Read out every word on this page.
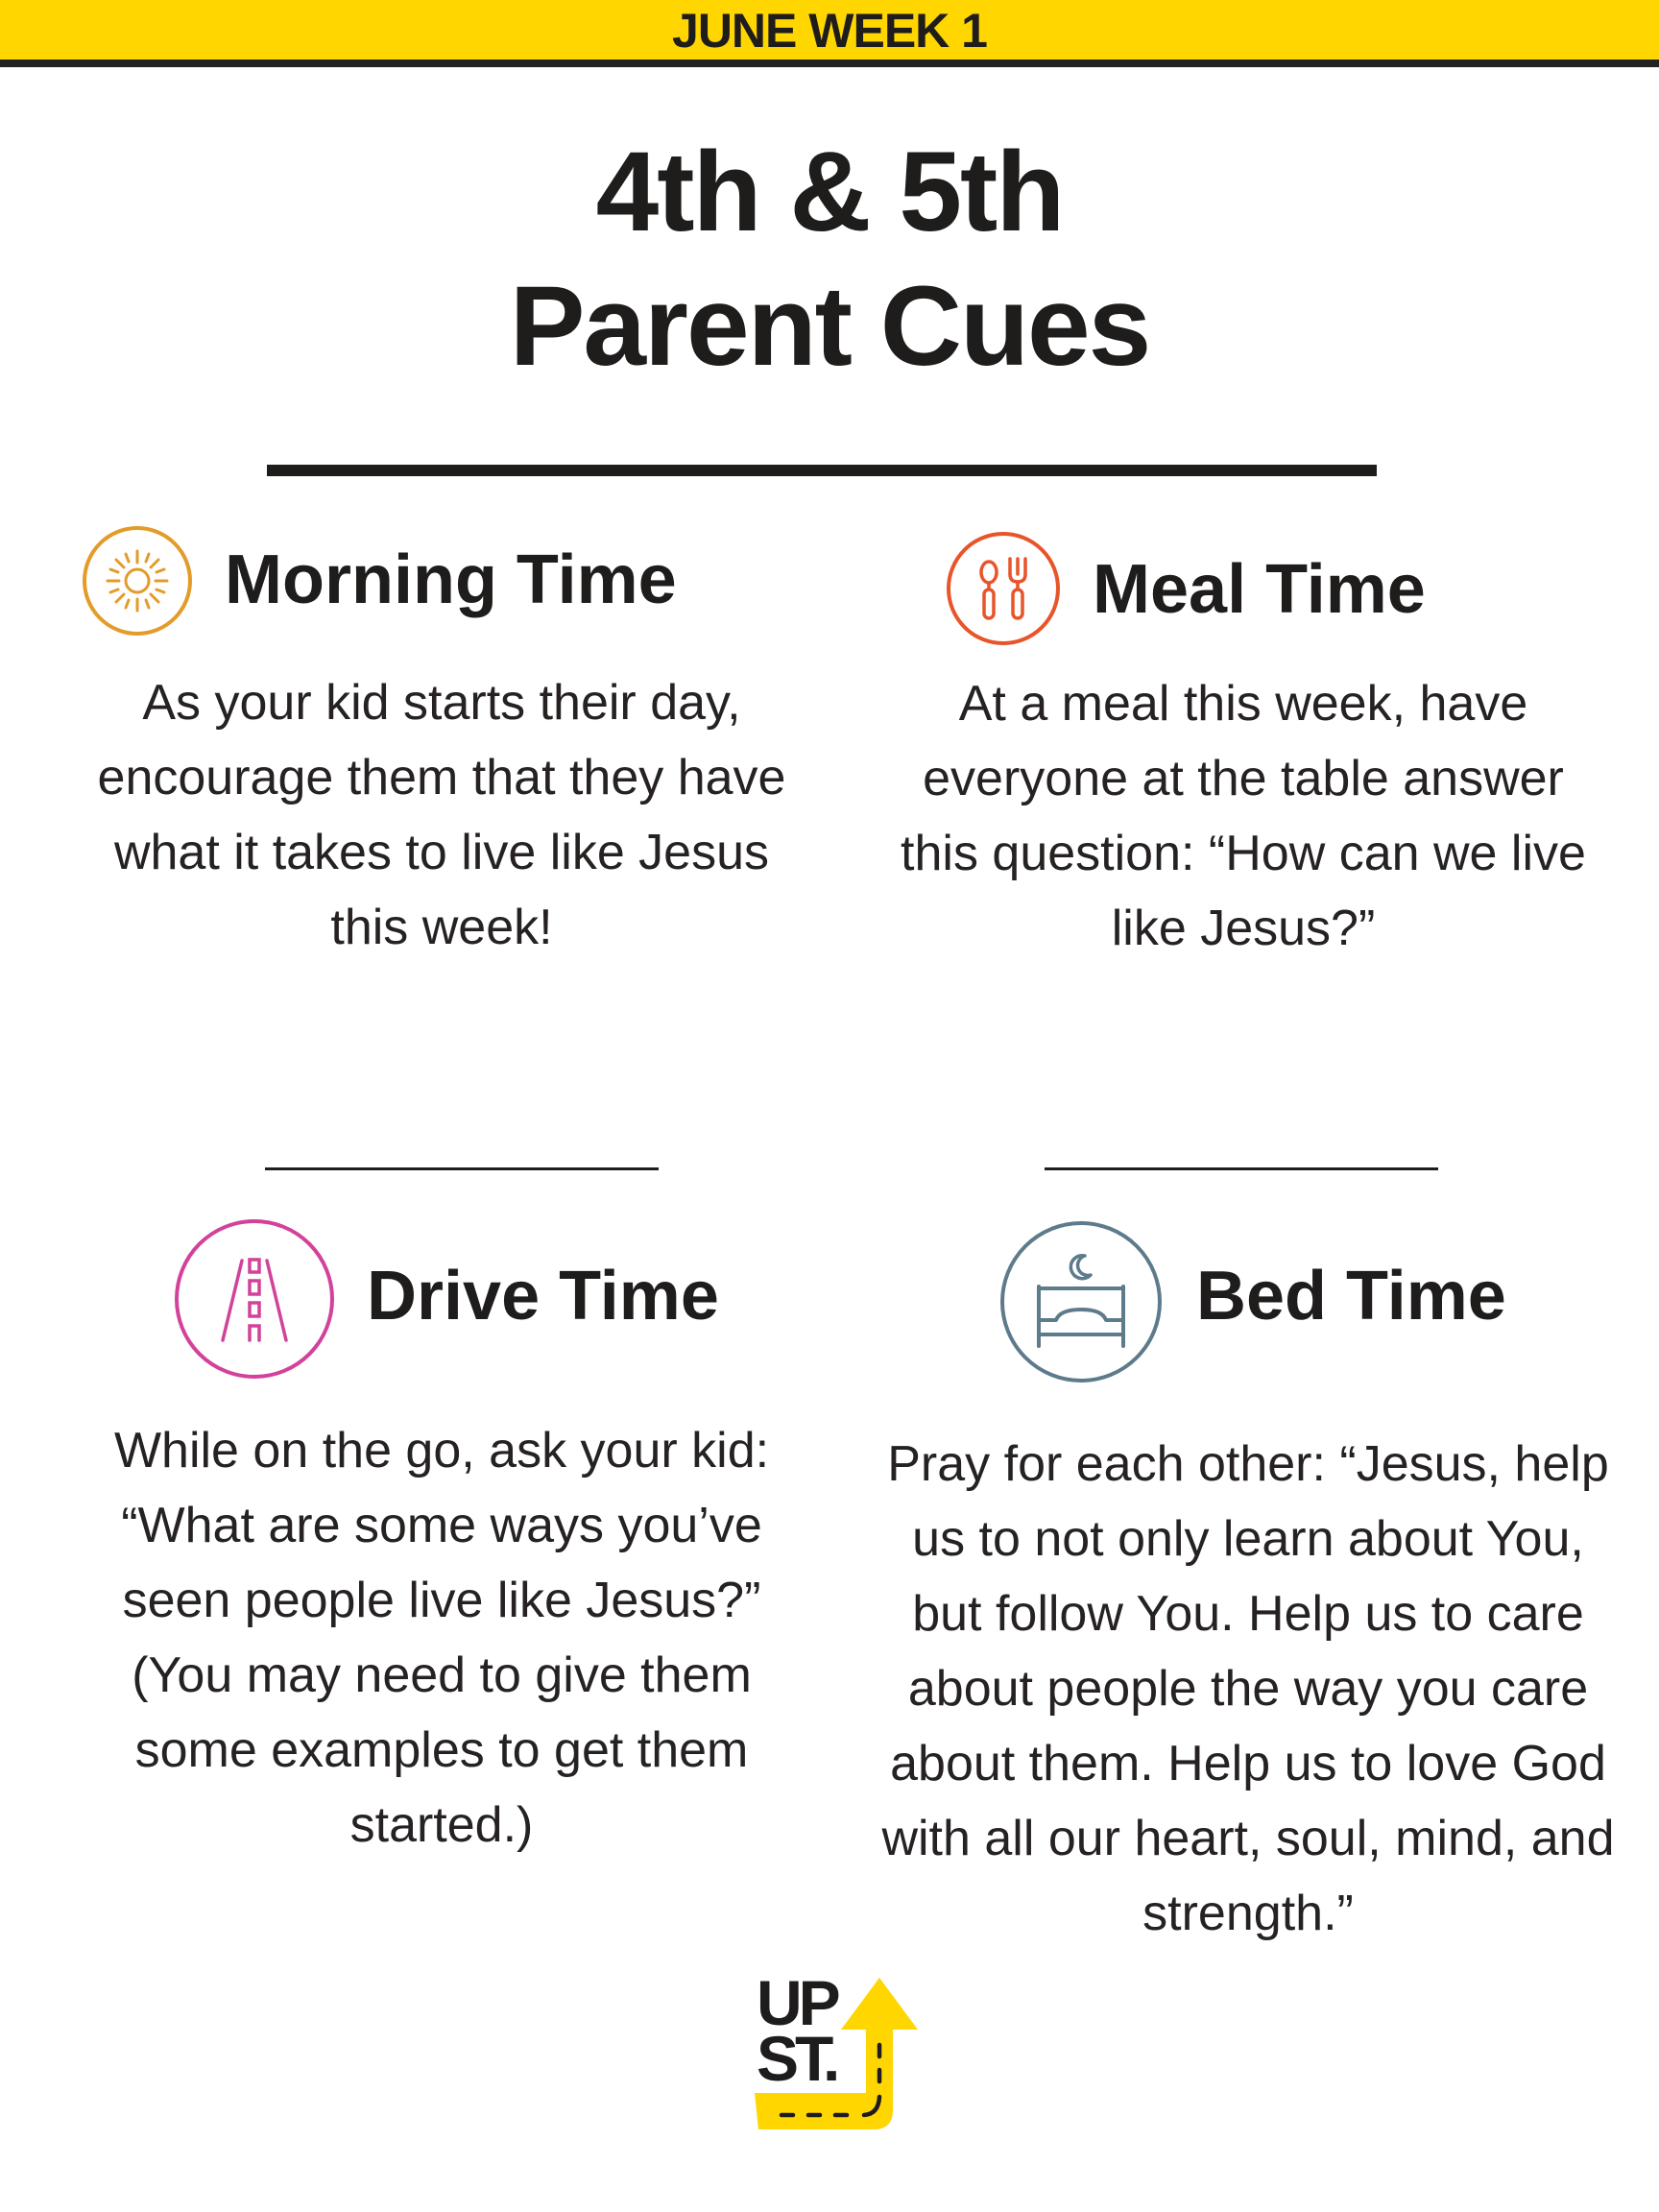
JUNE WEEK 1
4th & 5th
Parent Cues
Morning Time

As your kid starts their day, encourage them that they have what it takes to live like Jesus this week!

Meal Time

At a meal this week, have everyone at the table answer this question: “How can we live like Jesus?”

Drive Time

While on the go, ask your kid: “What are some ways you’ve seen people live like Jesus?” (You may need to give them some examples to get them started.)

Bed Time

Pray for each other: “Jesus, help us to not only learn about You, but follow You. Help us to care about people the way you care about them. Help us to love God with all our heart, soul, mind, and strength.”

UP
ST.
